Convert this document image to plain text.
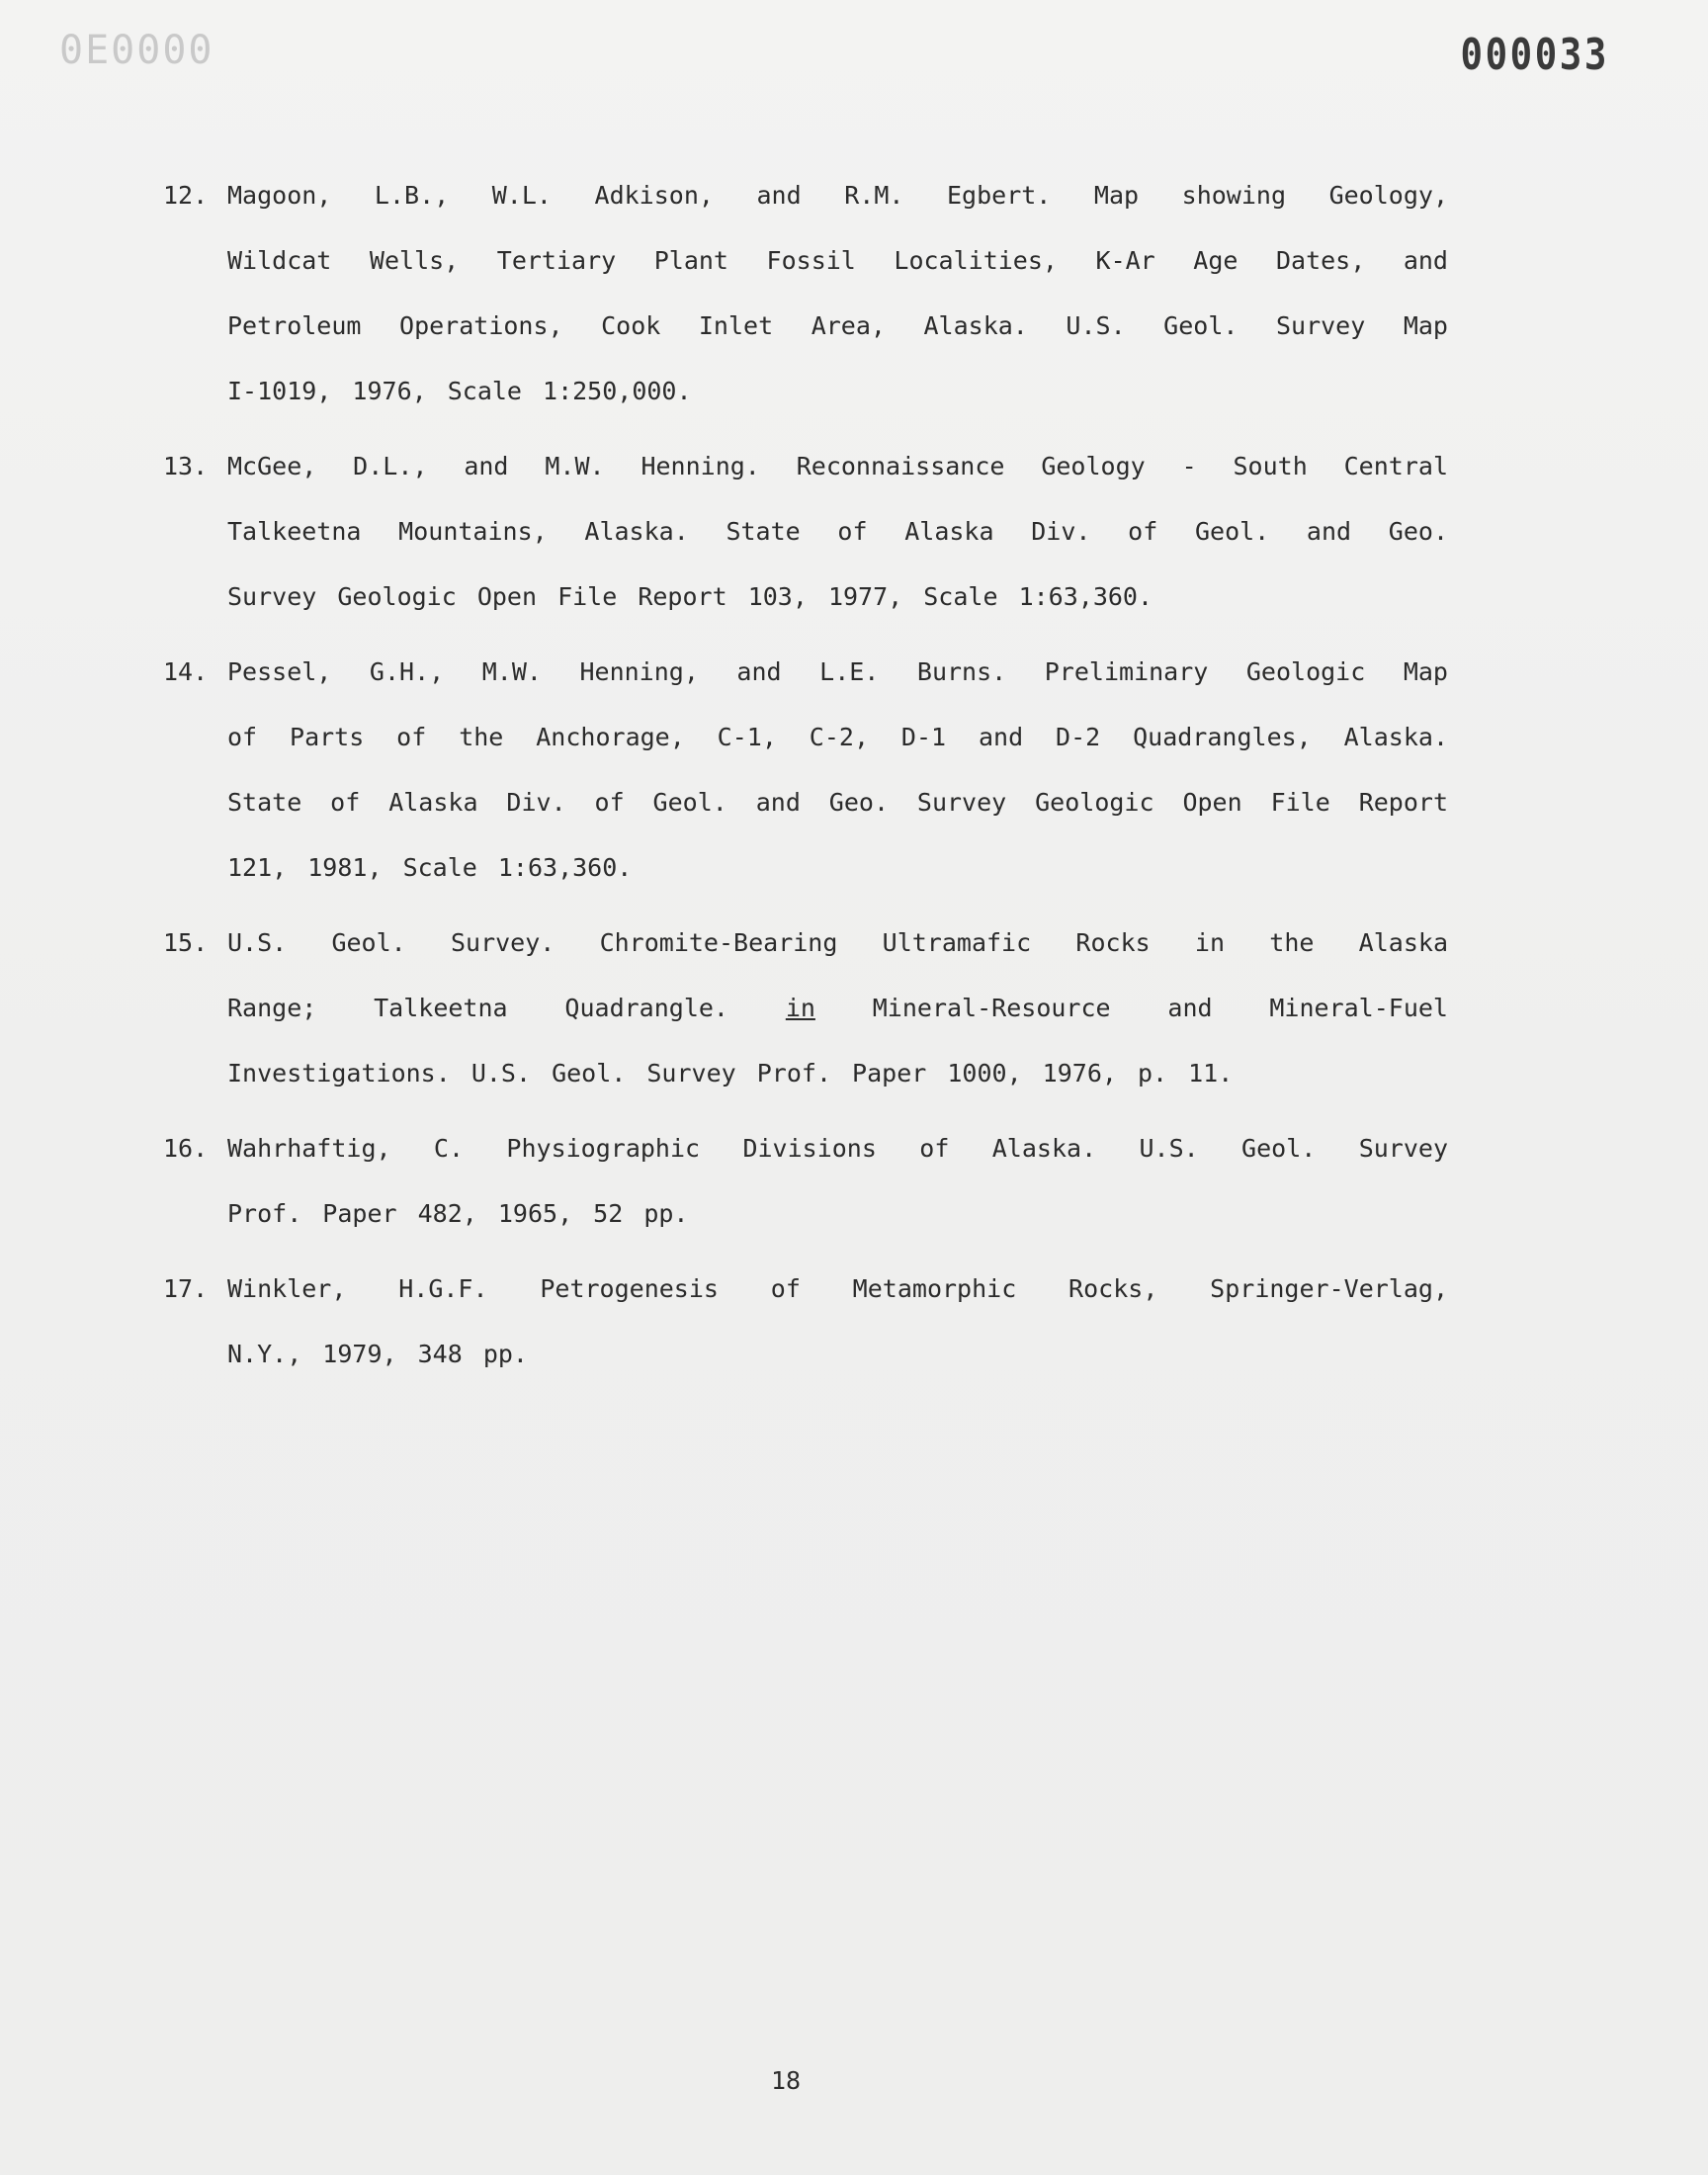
0E0000	000033
12. Magoon, L.B., W.L. Adkison, and R.M. Egbert. Map showing Geology,
Wildcat Wells, Tertiary Plant Fossil Localities, K-Ar Age Dates, and
Petroleum Operations, Cook Inlet Area, Alaska. U.S. Geol. Survey Map
I-1019, 1976, Scale 1:250,000.
13. McGee, D.L., and M.W. Henning. Reconnaissance Geology - South Central
Talkeetna Mountains, Alaska. State of Alaska Div. of Geol. and Geo.
Survey Geologic Open File Report 103, 1977, Scale 1:63,360.
14. Pessel, G.H., M.W. Henning, and L.E. Burns. Preliminary Geologic Map
of Parts of the Anchorage, C-1, C-2, D-1 and D-2 Quadrangles, Alaska.
State of Alaska Div. of Geol. and Geo. Survey Geologic Open File Report
121, 1981, Scale 1:63,360.
15. U.S. Geol. Survey. Chromite-Bearing Ultramafic Rocks in the Alaska
Range; Talkeetna Quadrangle. in Mineral-Resource and Mineral-Fuel
Investigations. U.S. Geol. Survey Prof. Paper 1000, 1976, p. 11.
16. Wahrhaftig, C. Physiographic Divisions of Alaska. U.S. Geol. Survey
Prof. Paper 482, 1965, 52 pp.
17. Winkler, H.G.F. Petrogenesis of Metamorphic Rocks, Springer-Verlag,
N.Y., 1979, 348 pp.
18
